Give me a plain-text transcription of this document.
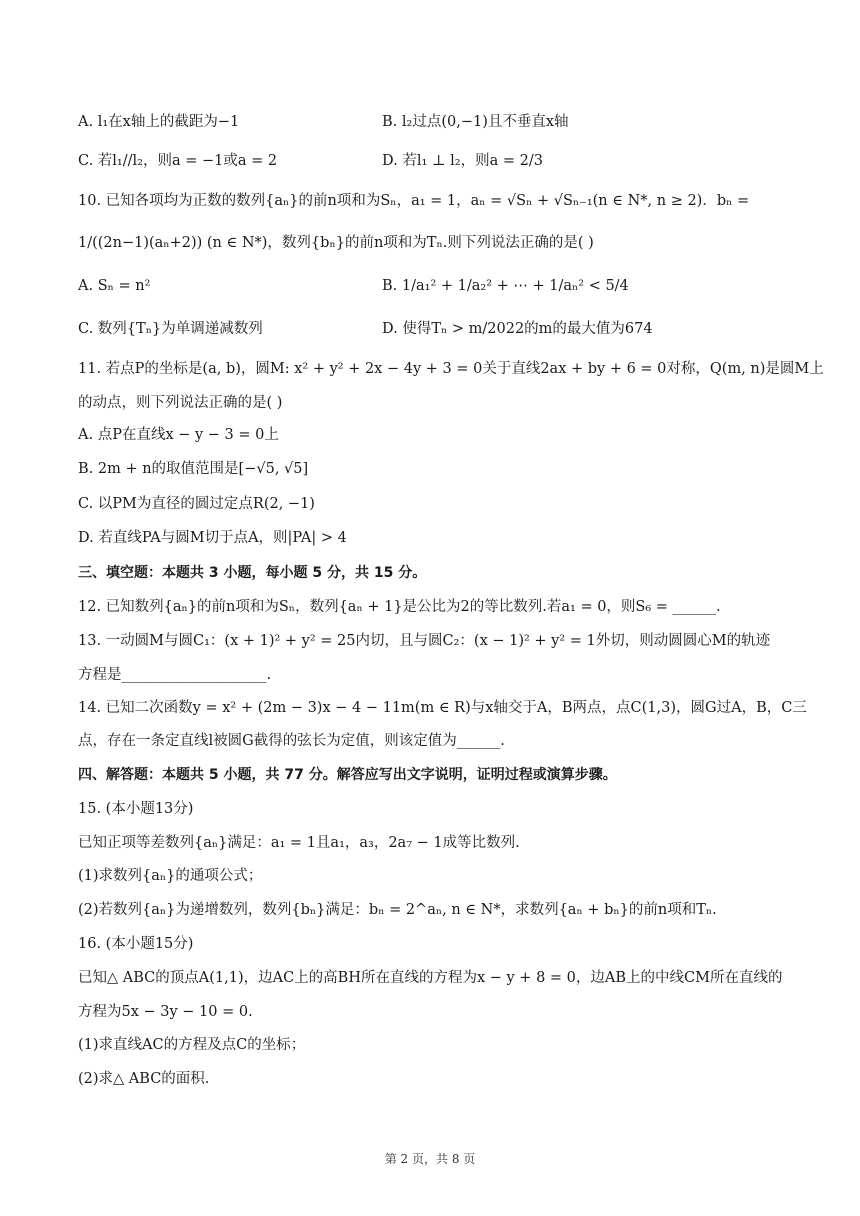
A. l₁在x轴上的截距为−1	B. l₂过点(0,−1)且不垂直x轴
C. 若l₁//l₂，则a = −1或a = 2	D. 若l₁ ⊥ l₂，则a = 2/3
10. 已知各项均为正数的数列{aₙ}的前n项和为Sₙ，a₁ = 1，aₙ = √Sₙ + √Sₙ₋₁(n ∈ N*, n ≥ 2)．bₙ =
1/((2n−1)(aₙ+2)) (n ∈ N*)，数列{bₙ}的前n项和为Tₙ.则下列说法正确的是( )
A. Sₙ = n²	B. 1/a₁² + 1/a₂² + ⋯ + 1/aₙ² < 5/4
C. 数列{Tₙ}为单调递减数列	D. 使得Tₙ > m/2022的m的最大值为674
11. 若点P的坐标是(a, b)，圆M: x² + y² + 2x − 4y + 3 = 0关于直线2ax + by + 6 = 0对称，Q(m, n)是圆M上
的动点，则下列说法正确的是( )
A. 点P在直线x − y − 3 = 0上
B. 2m + n的取值范围是[−√5, √5]
C. 以PM为直径的圆过定点R(2, −1)
D. 若直线PA与圆M切于点A，则|PA| > 4
三、填空题：本题共 3 小题，每小题 5 分，共 15 分。
12. 已知数列{aₙ}的前n项和为Sₙ，数列{aₙ + 1}是公比为2的等比数列.若a₁ = 0，则S₆ = ______.
13. 一动圆M与圆C₁：(x + 1)² + y² = 25内切，且与圆C₂：(x − 1)² + y² = 1外切，则动圆圆心M的轨迹
方程是____________________.
14. 已知二次函数y = x² + (2m − 3)x − 4 − 11m(m ∈ R)与x轴交于A，B两点，点C(1,3)，圆G过A，B，C三
点，存在一条定直线l被圆G截得的弦长为定值，则该定值为______.
四、解答题：本题共 5 小题，共 77 分。解答应写出文字说明，证明过程或演算步骤。
15. (本小题13分)
已知正项等差数列{aₙ}满足：a₁ = 1且a₁，a₃，2a₇ − 1成等比数列.
(1)求数列{aₙ}的通项公式；
(2)若数列{aₙ}为递增数列，数列{bₙ}满足：bₙ = 2^aₙ, n ∈ N*，求数列{aₙ + bₙ}的前n项和Tₙ.
16. (本小题15分)
已知△ ABC的顶点A(1,1)，边AC上的高BH所在直线的方程为x − y + 8 = 0，边AB上的中线CM所在直线的
方程为5x − 3y − 10 = 0.
(1)求直线AC的方程及点C的坐标；
(2)求△ ABC的面积.
第 2 页，共 8 页
